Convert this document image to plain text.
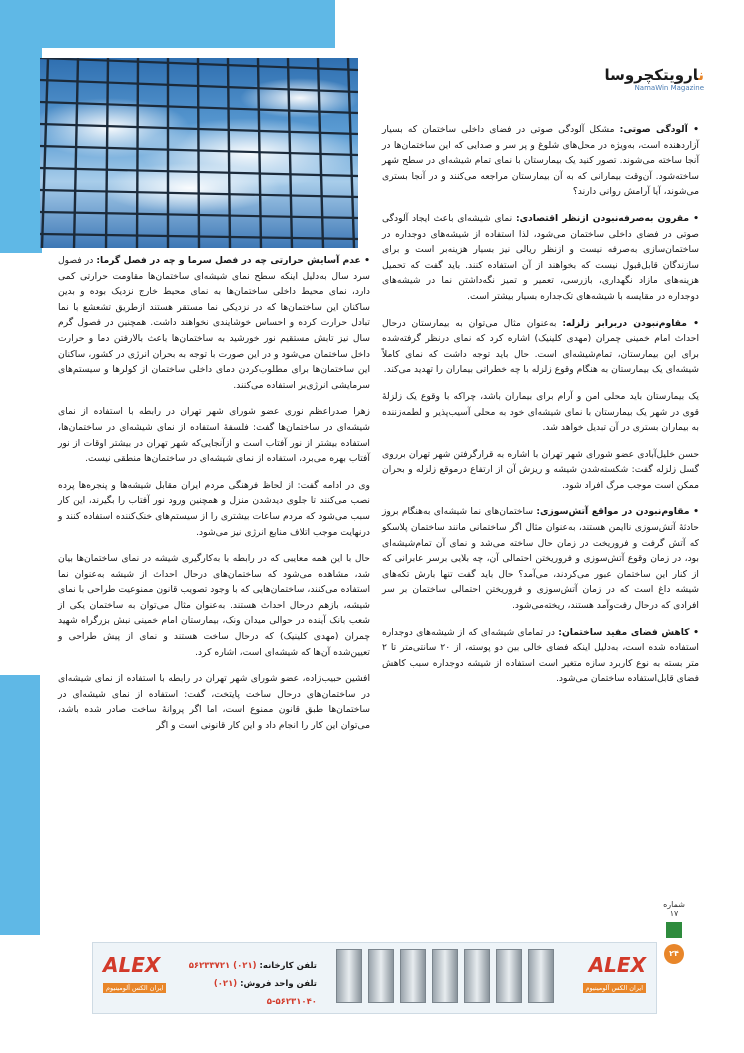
نارویتکچروسا
NamaWin Magazine

• آلودگی صوتی: مشکل آلودگی صوتی در فضای داخلی ساختمان که بسیار آزاردهنده است، به‌ویژه در محل‌های شلوغ و پر سر و صدایی که این ساختمان‌ها در آنجا ساخته می‌شوند. تصور کنید یک بیمارستان با نمای تمام شیشه‌ای در سطح شهر ساخته‌شود. آن‌وقت بیمارانی که به آن بیمارستان مراجعه می‌کنند و در آنجا بستری می‌شوند، آیا آرامش روانی دارند؟

• مقرون به‌صرفه‌نبودن ازنظر اقتصادی: نمای شیشه‌ای باعث ایجاد آلودگی صوتی در فضای داخلی ساختمان می‌شود، لذا استفاده از شیشه‌های دوجداره در ساختمان‌سازی به‌صرفه نیست و ازنظر ریالی نیز بسیار هزینه‌بر است و برای سازندگان قابل‌قبول نیست که بخواهند از آن استفاده کنند. باید گفت که تحمیل هزینه‌های مازاد نگهداری، بازرسی، تعمیر و تمیز نگه‌داشتن نما در شیشه‌های دوجداره در مقایسه با شیشه‌های تک‌جداره بسیار بیشتر است.

• مقاوم‌نبودن دربرابر زلزله: به‌عنوان مثال می‌توان به بیمارستان درحال احداث امام خمینی چمران (مهدی کلینیک) اشاره کرد که نمای درنظر گرفته‌شده برای این بیمارستان، تمام‌شیشه‌ای است. حال باید توجه داشت که نمای کاملاً شیشه‌ای یک بیمارستان به هنگام وقوع زلزله با چه خطراتی بیماران را تهدید می‌کند.

یک بیمارستان باید محلی امن و آرام برای بیماران باشد، چراکه با وقوع یک زلزلهٔ قوی در شهر یک بیمارستان با نمای شیشه‌ای خود به محلی آسیب‌پذیر و لطمه‌زننده به بیماران بستری در آن تبدیل خواهد شد.

حسن خلیل‌آبادی عضو شورای شهر تهران با اشاره به قرارگرفتن شهر تهران برروی گسل زلزله گفت: شکسته‌شدن شیشه و ریزش آن از ارتفاع درموقع زلزله و بحران ممکن است موجب مرگ افراد شود.

• مقاوم‌نبودن در مواقع آتش‌سوزی: ساختمان‌های نما شیشه‌ای به‌هنگام بروز حادثهٔ آتش‌سوزی ناایمن هستند، به‌عنوان مثال اگر ساختمانی مانند ساختمان پلاسکو که آتش گرفت و فروریخت در زمان حال ساخته می‌شد و نمای آن تمام‌شیشه‌ای بود، در زمان وقوع آتش‌سوزی و فروریختن احتمالی آن، چه بلایی برسر عابرانی که از کنار این ساختمان عبور می‌کردند، می‌آمد؟ حال باید گفت تنها بارش تکه‌های شیشه داغ است که در زمان آتش‌سوزی و فروریختن احتمالی ساختمان بر سر افرادی که درحال رفت‌وآمد هستند، ریخته‌می‌شود.

• کاهش فضای مفید ساختمان: در تمامای شیشه‌ای که از شیشه‌های دوجداره استفاده شده است، به‌دلیل اینکه فضای خالی بین دو پوسته، از ۲۰ سانتی‌متر تا ۲ متر بسته به نوع کاربرد سازه متغیر است استفاده از شیشه دوجداره سبب کاهش فضای قابل‌استفاده ساختمان می‌شود.

• عدم آسایش حرارتی چه در فصل سرما و چه در فصل گرما: در فصول سرد سال به‌دلیل اینکه سطح نمای شیشه‌ای ساختمان‌ها مقاومت حرارتی کمی دارد، نمای محیط داخلی ساختمان‌ها به نمای محیط خارج نزدیک بوده و بدین ساکنان این ساختمان‌ها که در نزدیکی نما مستقر هستند ازطریق تشعشع با نما تبادل حرارت کرده و احساس خوشایندی نخواهند داشت. همچنین در فصول گرم سال نیز تابش مستقیم نور خورشید به ساختمان‌ها باعث بالارفتن دما و حرارت داخل ساختمان می‌شود و در این صورت با توجه به بحران انرژی در کشور، ساکنان این ساختمان‌ها برای مطلوب‌کردن دمای داخلی ساختمان از کولرها و سیستم‌های سرمایشی انرژی‌بر استفاده می‌کنند.

زهرا صدراعظم نوری عضو شورای شهر تهران در رابطه با استفاده از نمای شیشه‌ای در ساختمان‌ها گفت: فلسفهٔ استفاده از نمای شیشه‌ای در ساختمان‌ها، استفاده بیشتر از نور آفتاب است و ازآنجایی‌که شهر تهران در بیشتر اوقات از نور آفتاب بهره می‌برد، استفاده از نمای شیشه‌ای در ساختمان‌ها منطقی نیست.

وی در ادامه گفت: از لحاظ فرهنگی مردم ایران مقابل شیشه‌ها و پنجره‌ها پرده نصب می‌کنند تا جلوی دیدشدن منزل و همچنین ورود نور آفتاب را بگیرند، این کار سبب می‌شود که مردم ساعات بیشتری را از سیستم‌های خنک‌کننده استفاده کنند و درنهایت موجب اتلاف منابع انرژی نیز می‌شود.

حال با این همه معایبی که در رابطه با به‌کارگیری شیشه در نمای ساختمان‌ها بیان شد، مشاهده می‌شود که ساختمان‌های درحال احداث از شیشه به‌عنوان نما استفاده می‌کنند، ساختمان‌هایی که با وجود تصویب قانون ممنوعیت طراحی با نمای شیشه، بازهم درحال احداث هستند. به‌عنوان مثال می‌توان به ساختمان یکی از شعب بانک آینده در حوالی میدان ونک، بیمارستان امام خمینی نبش بزرگراه شهید چمران (مهدی کلینیک) که درحال ساخت هستند و نمای از پیش طراحی و تعیین‌شده آن‌ها که شیشه‌ای است، اشاره کرد.

افشین حبیب‌زاده، عضو شورای شهر تهران در رابطه با استفاده از نمای شیشه‌ای در ساختمان‌های درحال ساخت پایتخت، گفت: استفاده از نمای شیشه‌ای در ساختمان‌ها طبق قانون ممنوع است، اما اگر پروانهٔ ساخت صادر شده باشد، می‌توان این کار را انجام داد و این کار قانونی است و اگر

شماره ۱۷
۲۴
ALEX
ایران الکس آلومینیوم
تلفن کارخانه: (۰۲۱) ۵۶۲۳۳۷۲۱
تلفن واحد فروش: (۰۲۱) ۵۶۲۳۱۰۴۰-۵
ALEX
ایران الکس آلومینیوم
